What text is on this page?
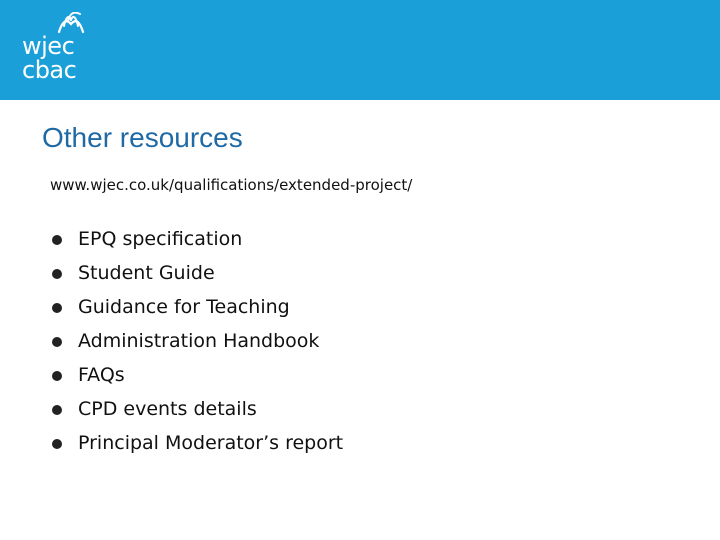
wjec
cbac
Other resources
www.wjec.co.uk/qualifications/extended-project/
EPQ specification
Student Guide
Guidance for Teaching
Administration Handbook
FAQs
CPD events details
Principal Moderator’s report
